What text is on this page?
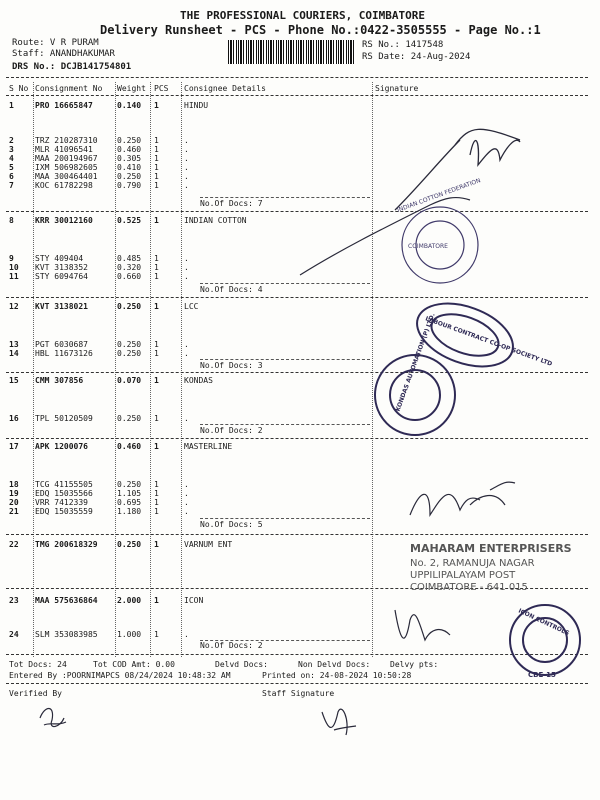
THE PROFESSIONAL COURIERS, COIMBATORE
Delivery Runsheet - PCS - Phone No.:0422-3505555 - Page No.:1
Route: V R PURAM
Staff: ANANDHAKUMAR
DRS No.: DCJB141754801
RS No.: 1417548
RS Date: 24-Aug-2024
S No Consignment No Weight PCS Consignee Details	Signature
1	PRO 16665847	0.140 1	HINDU
2	TRZ 210287310 0.250 1	.
3	MLR 41096541	0.460 1	.
4	MAA 200194967 0.305 1	.
5	IXM 506982605 0.410 1	.
6	MAA 300464401 0.250 1	.
7	KOC 61782298	0.790 1	.
8	KRR 30012160	0.525 1	INDIAN COTTON
9	STY 409404	0.485 1	.
10 KVT 3138352	0.320 1	.
11 STY 6094764	0.660 1	.
12 KVT 3138021	0.250 1	LCC
13 PGT 6030687	0.250 1	.
14 HBL 11673126	0.250 1	.
15 CMM 307856	0.070 1	KONDAS
16 TPL 50120509	0.250 1	.
17 APK 1200076	0.460 1	MASTERLINE
18 TCG 41155505	0.250 1	.
19 EDQ 15035566	1.105 1	.
20 VRR 7412339	0.695 1	.
21 EDQ 15035559	1.180 1	.
22 TMG 200618329 0.250 1	VARNUM ENT
23 MAA 575636864 2.000 1	ICON
24 SLM 353083985 1.000 1	.
No.Of Docs: 7
No.Of Docs: 4
No.Of Docs: 3
No.Of Docs: 2
No.Of Docs: 5
No.Of Docs: 2
Tot Docs: 24	Tot COD Amt: 0.00	Delvd Docs:	Non Delvd Docs: Delvy pts:
Entered By :POORNIMAPCS 08/24/2024 10:48:32 AM	Printed on: 24-08-2024 10:50:28
Verified By	Staff Signature
COIMBATORE
INDIAN COTTON FEDERATION
LABOUR CONTRACT CO-OP SOCIETY LTD
KONDAS AUTOMATION (P) LTD.
MAHARAM ENTERPRISERS
No. 2, RAMANUJA NAGAR
UPPILIPALAYAM POST
COIMBATORE - 641 015
CBE-15
ICON CONTROLS
